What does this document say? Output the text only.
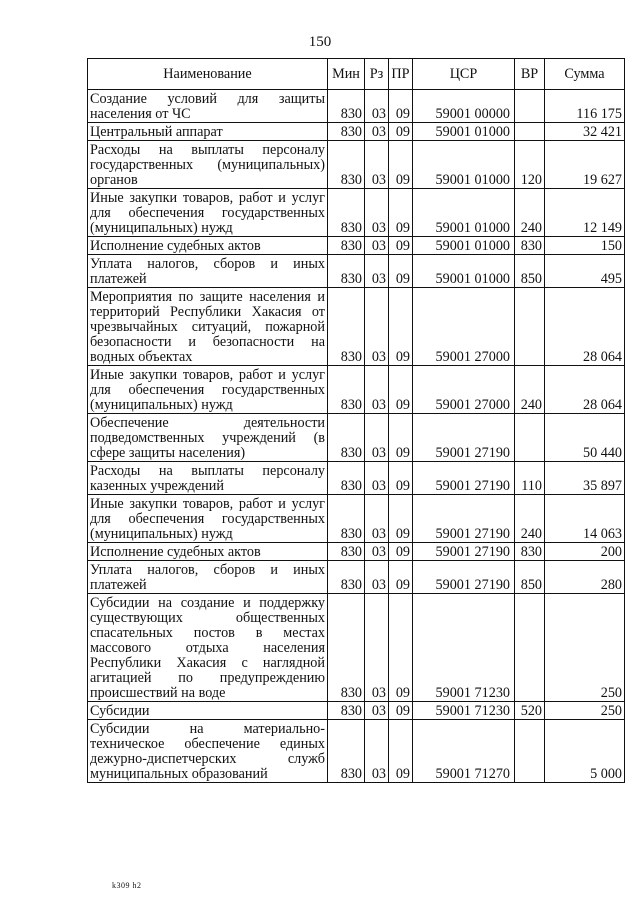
150
Наименование	Мин	Рз	ПР	ЦСР	ВР	Сумма
Создание условий для защиты населения от ЧС	830	03	09	59001 00000		116 175
Центральный аппарат	830	03	09	59001 01000		32 421
Расходы на выплаты персоналу государственных (муниципальных) органов	830	03	09	59001 01000	120	19 627
Иные закупки товаров, работ и услуг для обеспечения государственных (муниципальных) нужд	830	03	09	59001 01000	240	12 149
Исполнение судебных актов	830	03	09	59001 01000	830	150
Уплата налогов, сборов и иных платежей	830	03	09	59001 01000	850	495
Мероприятия по защите населения и территорий Республики Хакасия от чрезвычайных ситуаций, пожарной безопасности и безопасности на водных объектах	830	03	09	59001 27000		28 064
Иные закупки товаров, работ и услуг для обеспечения государственных (муниципальных) нужд	830	03	09	59001 27000	240	28 064
Обеспечение деятельности подведомственных учреждений (в сфере защиты населения)	830	03	09	59001 27190		50 440
Расходы на выплаты персоналу казенных учреждений	830	03	09	59001 27190	110	35 897
Иные закупки товаров, работ и услуг для обеспечения государственных (муниципальных) нужд	830	03	09	59001 27190	240	14 063
Исполнение судебных актов	830	03	09	59001 27190	830	200
Уплата налогов, сборов и иных платежей	830	03	09	59001 27190	850	280
Субсидии на создание и поддержку существующих общественных спасательных постов в местах массового отдыха населения Республики Хакасия с наглядной агитацией по предупреждению происшествий на воде	830	03	09	59001 71230		250
Субсидии	830	03	09	59001 71230	520	250
Субсидии на материально-техническое обеспечение единых дежурно-диспетчерских служб муниципальных образований	830	03	09	59001 71270		5 000
k309 h2
